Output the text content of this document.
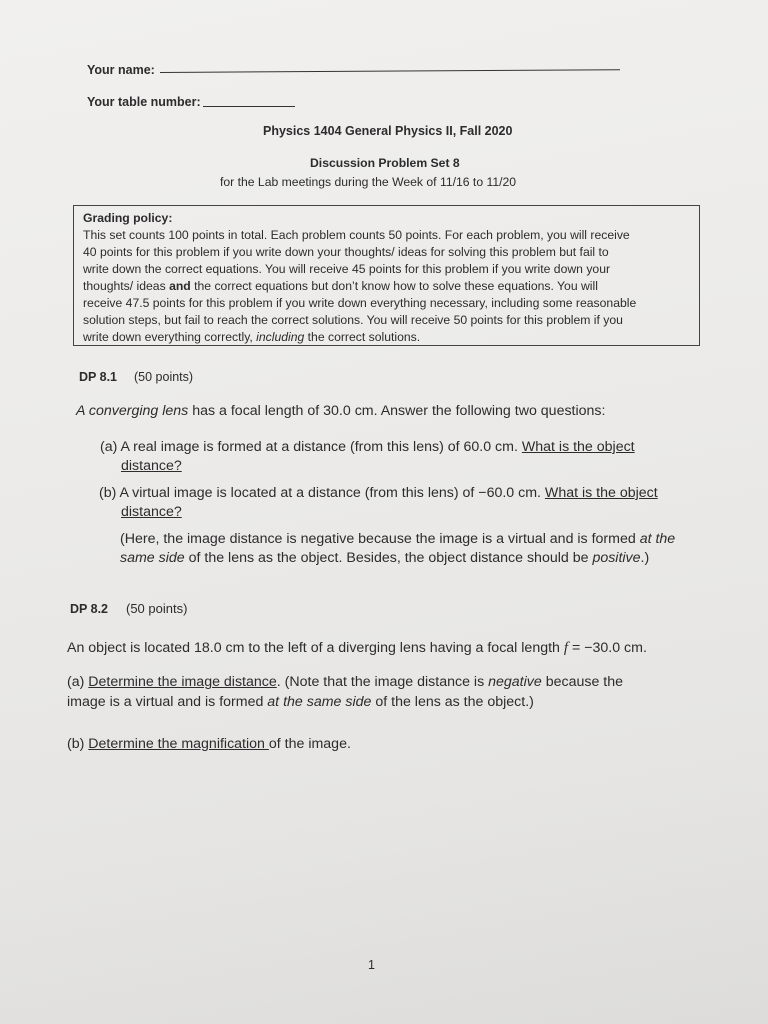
Your name:
Your table number:
Physics 1404 General Physics II, Fall 2020
Discussion Problem Set 8
for the Lab meetings during the Week of 11/16 to 11/20
Grading policy:
This set counts 100 points in total. Each problem counts 50 points. For each problem, you will receive
40 points for this problem if you write down your thoughts/ ideas for solving this problem but fail to
write down the correct equations. You will receive 45 points for this problem if you write down your
thoughts/ ideas and the correct equations but don’t know how to solve these equations. You will
receive 47.5 points for this problem if you write down everything necessary, including some reasonable
solution steps, but fail to reach the correct solutions. You will receive 50 points for this problem if you
write down everything correctly, including the correct solutions.
DP 8.1 (50 points)
A converging lens has a focal length of 30.0 cm. Answer the following two questions:
(a) A real image is formed at a distance (from this lens) of 60.0 cm. What is the object
distance?
(b) A virtual image is located at a distance (from this lens) of −60.0 cm. What is the object
distance?
(Here, the image distance is negative because the image is a virtual and is formed at the
same side of the lens as the object. Besides, the object distance should be positive.)
DP 8.2 (50 points)
An object is located 18.0 cm to the left of a diverging lens having a focal length f = −30.0 cm.
(a) Determine the image distance. (Note that the image distance is negative because the
image is a virtual and is formed at the same side of the lens as the object.)
(b) Determine the magnification of the image.
1
